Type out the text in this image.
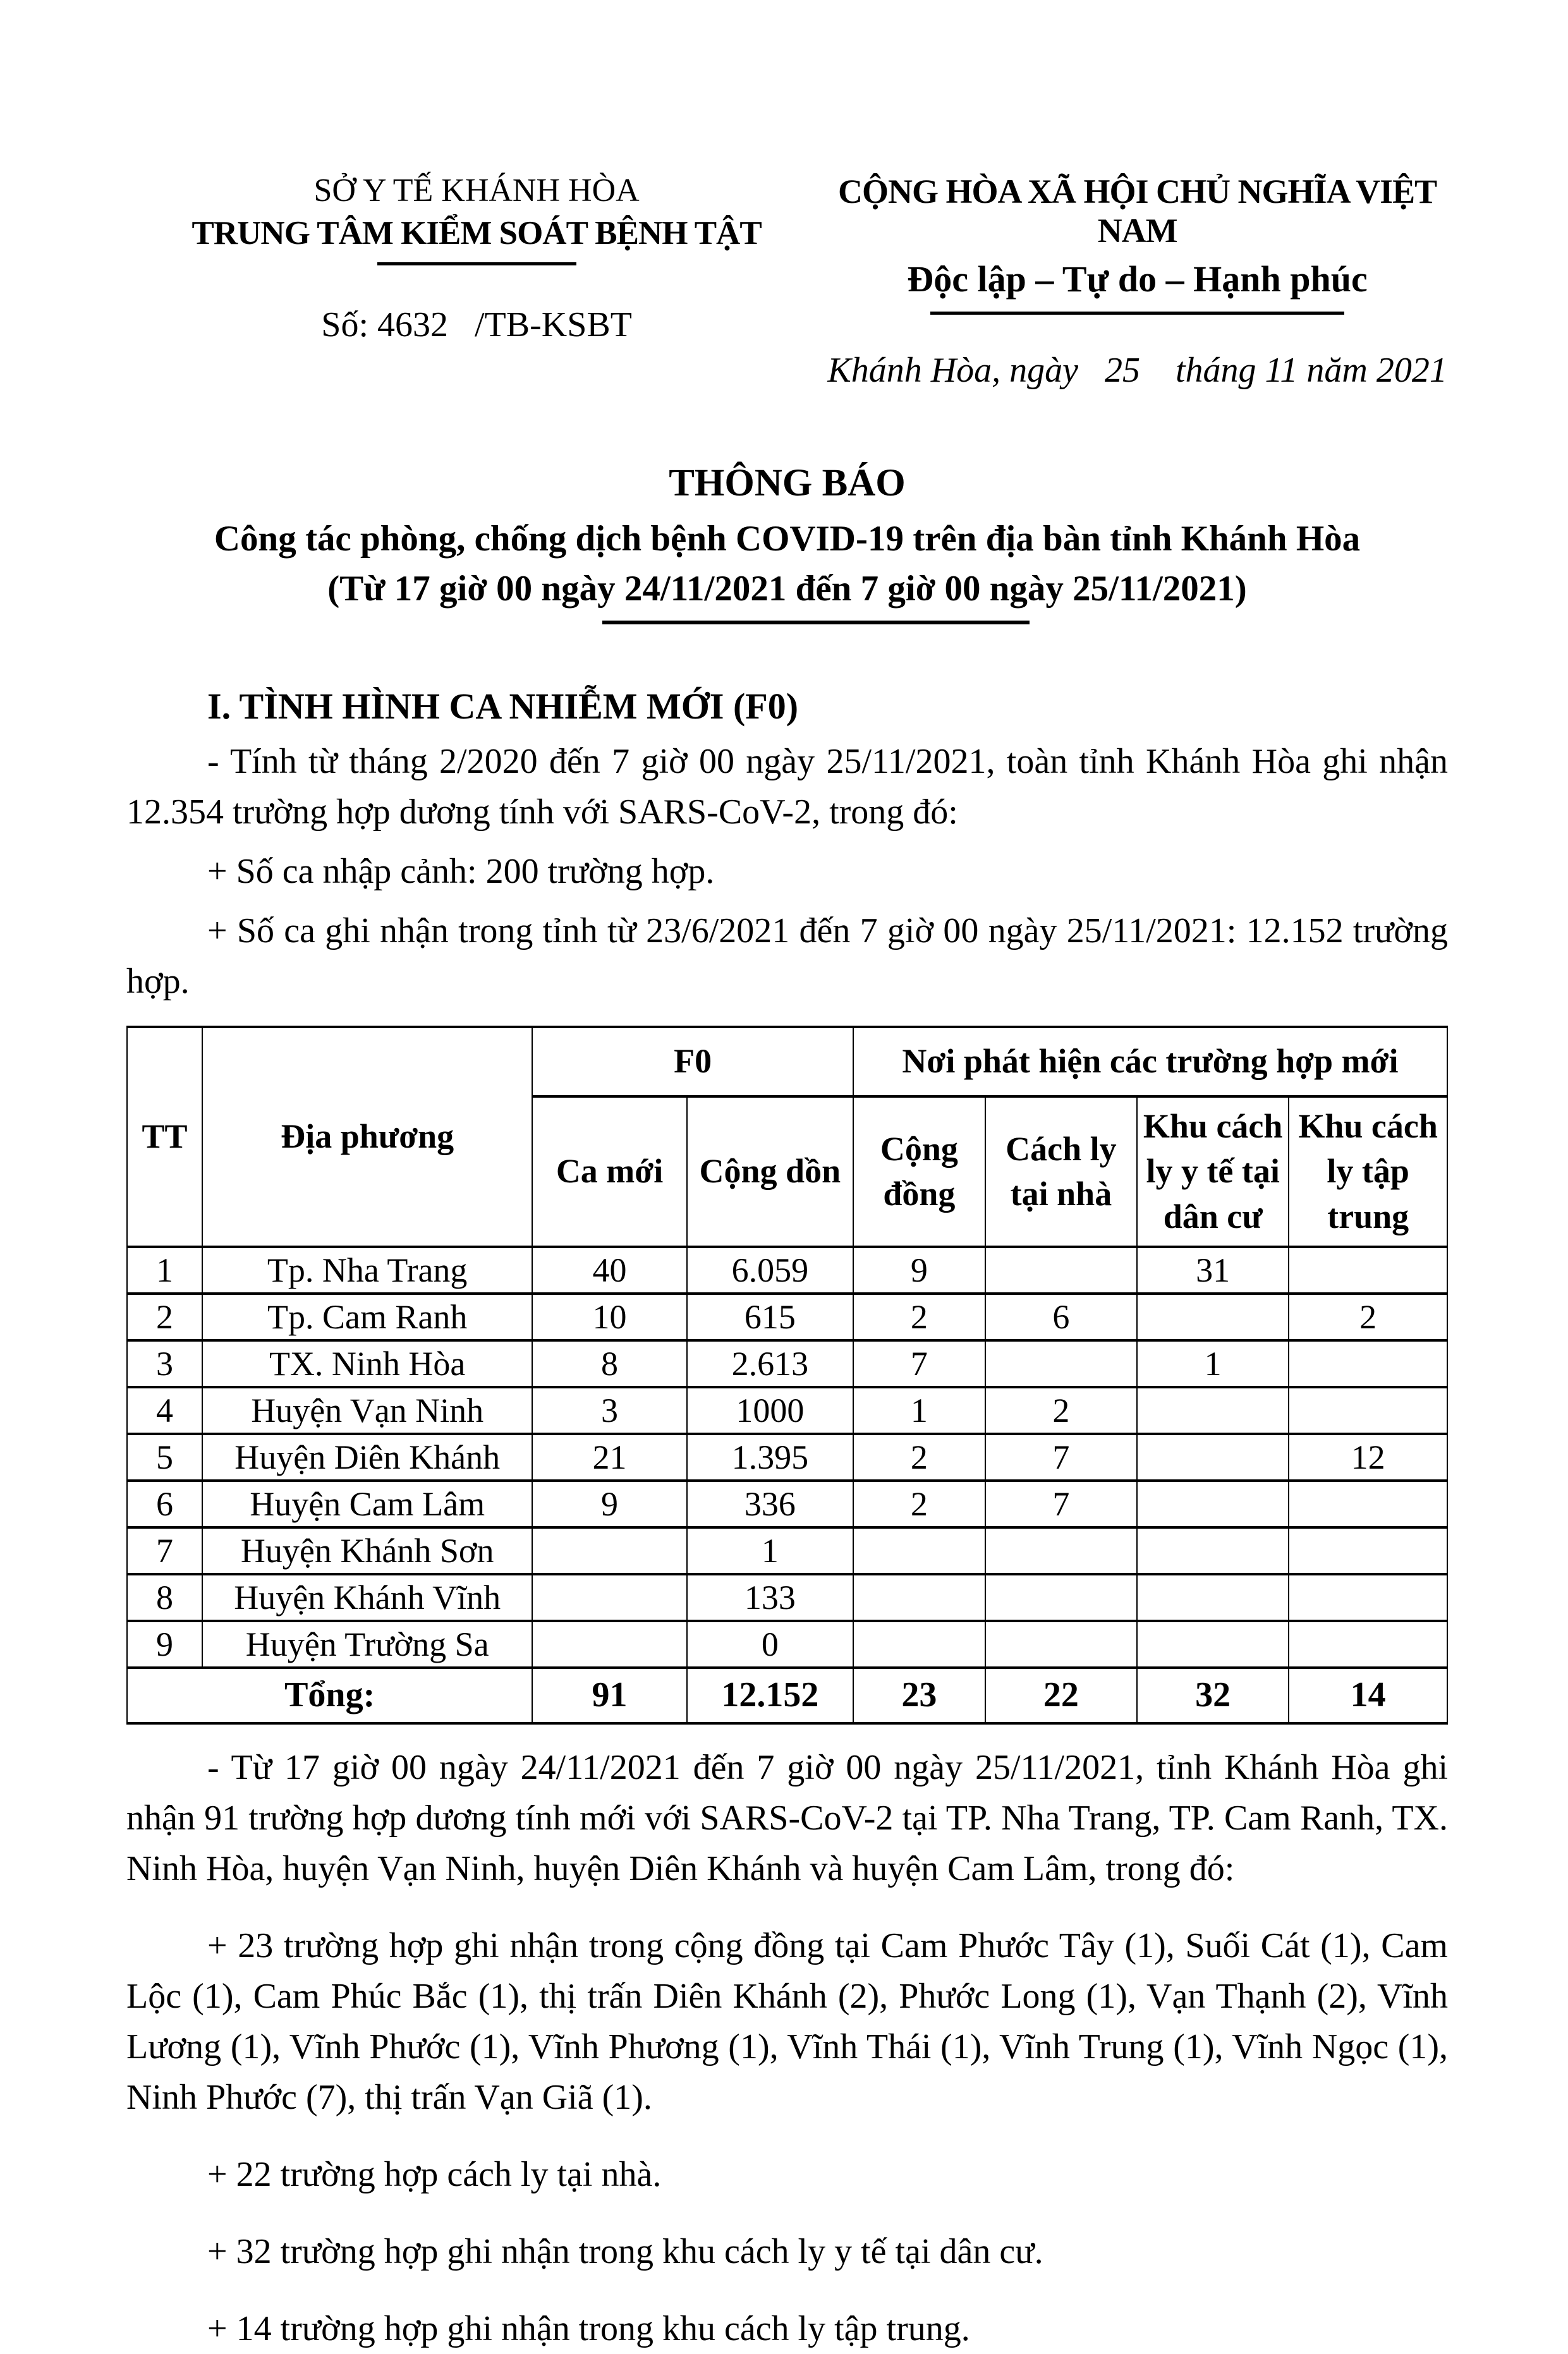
SỞ Y TẾ KHÁNH HÒA
TRUNG TÂM KIỂM SOÁT BỆNH TẬT
Số: 4632   /TB-KSBT
CỘNG HÒA XÃ HỘI CHỦ NGHĨA VIỆT NAM
Độc lập – Tự do – Hạnh phúc
Khánh Hòa, ngày   25    tháng 11 năm 2021
THÔNG BÁO
Công tác phòng, chống dịch bệnh COVID-19 trên địa bàn tỉnh Khánh Hòa
(Từ 17 giờ 00 ngày 24/11/2021 đến 7 giờ 00 ngày 25/11/2021)
I. TÌNH HÌNH CA NHIỄM MỚI (F0)

- Tính từ tháng 2/2020 đến 7 giờ 00 ngày 25/11/2021, toàn tỉnh Khánh Hòa ghi nhận 12.354 trường hợp dương tính với SARS-CoV-2, trong đó:

+ Số ca nhập cảnh: 200 trường hợp.

+ Số ca ghi nhận trong tỉnh từ 23/6/2021 đến 7 giờ 00 ngày 25/11/2021: 12.152 trường hợp.

TT	Địa phương	F0		Nơi phát hiện các trường hợp mới			
		Ca mới	Cộng dồn	Cộng đồng	Cách ly tại nhà	Khu cách ly y tế tại dân cư	Khu cách ly tập trung
1	Tp. Nha Trang	40	6.059	9		31	
2	Tp. Cam Ranh	10	615	2	6		2
3	TX. Ninh Hòa	8	2.613	7		1	
4	Huyện Vạn Ninh	3	1000	1	2		
5	Huyện Diên Khánh	21	1.395	2	7		12
6	Huyện Cam Lâm	9	336	2	7		
7	Huyện Khánh Sơn		1				
8	Huyện Khánh Vĩnh		133				
9	Huyện Trường Sa		0				
Tổng:		91	12.152	23	22	32	14

- Từ 17 giờ 00 ngày 24/11/2021 đến 7 giờ 00 ngày 25/11/2021, tỉnh Khánh Hòa ghi nhận 91 trường hợp dương tính mới với SARS-CoV-2 tại TP. Nha Trang, TP. Cam Ranh, TX. Ninh Hòa, huyện Vạn Ninh, huyện Diên Khánh và huyện Cam Lâm, trong đó:

+ 23 trường hợp ghi nhận trong cộng đồng tại Cam Phước Tây (1), Suối Cát (1), Cam Lộc (1), Cam Phúc Bắc (1), thị trấn Diên Khánh (2), Phước Long (1), Vạn Thạnh (2), Vĩnh Lương (1), Vĩnh Phước (1), Vĩnh Phương (1), Vĩnh Thái (1), Vĩnh Trung (1), Vĩnh Ngọc (1), Ninh Phước (7), thị trấn Vạn Giã (1).

+ 22 trường hợp cách ly tại nhà.

+ 32 trường hợp ghi nhận trong khu cách ly y tế tại dân cư.

+ 14 trường hợp ghi nhận trong khu cách ly tập trung.
